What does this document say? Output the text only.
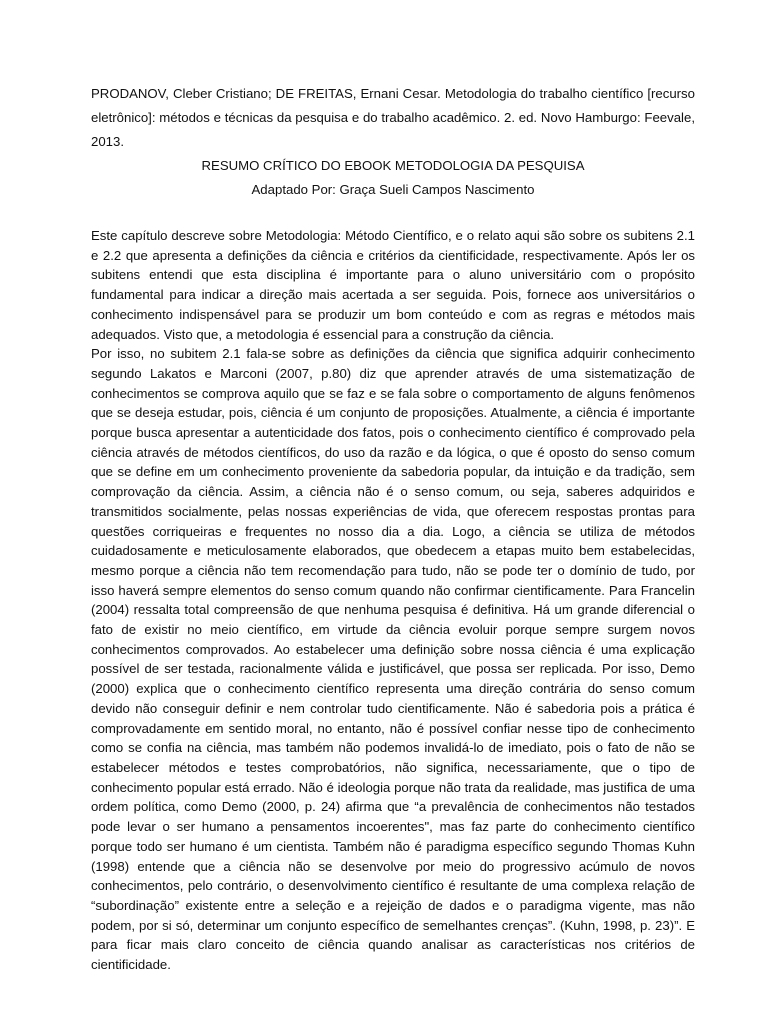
PRODANOV, Cleber Cristiano; DE FREITAS, Ernani Cesar. Metodologia do trabalho científico [recurso eletrônico]: métodos e técnicas da pesquisa e do trabalho acadêmico. 2. ed. Novo Hamburgo: Feevale, 2013.

RESUMO CRÍTICO DO EBOOK METODOLOGIA DA PESQUISA

Adaptado Por: Graça Sueli Campos Nascimento

Este capítulo descreve sobre Metodologia: Método Científico, e o relato aqui são sobre os subitens 2.1 e 2.2 que apresenta a definições da ciência e critérios da cientificidade, respectivamente. Após ler os subitens entendi que esta disciplina é importante para o aluno universitário com o propósito fundamental para indicar a direção mais acertada a ser seguida. Pois, fornece aos universitários o conhecimento indispensável para se produzir um bom conteúdo e com as regras e métodos mais adequados. Visto que, a metodologia é essencial para a construção da ciência.

Por isso, no subitem 2.1 fala-se sobre as definições da ciência que significa adquirir conhecimento segundo Lakatos e Marconi (2007, p.80) diz que aprender através de uma sistematização de conhecimentos se comprova aquilo que se faz e se fala sobre o comportamento de alguns fenômenos que se deseja estudar, pois, ciência é um conjunto de proposições. Atualmente, a ciência é importante porque busca apresentar a autenticidade dos fatos, pois o conhecimento científico é comprovado pela ciência através de métodos científicos, do uso da razão e da lógica, o que é oposto do senso comum que se define em um conhecimento proveniente da sabedoria popular, da intuição e da tradição, sem comprovação da ciência. Assim, a ciência não é o senso comum, ou seja, saberes adquiridos e transmitidos socialmente, pelas nossas experiências de vida, que oferecem respostas prontas para questões corriqueiras e frequentes no nosso dia a dia. Logo, a ciência se utiliza de métodos cuidadosamente e meticulosamente elaborados, que obedecem a etapas muito bem estabelecidas, mesmo porque a ciência não tem recomendação para tudo, não se pode ter o domínio de tudo, por isso haverá sempre elementos do senso comum quando não confirmar cientificamente. Para Francelin (2004) ressalta total compreensão de que nenhuma pesquisa é definitiva. Há um grande diferencial o fato de existir no meio científico, em virtude da ciência evoluir porque sempre surgem novos conhecimentos comprovados. Ao estabelecer uma definição sobre nossa ciência é uma explicação possível de ser testada, racionalmente válida e justificável, que possa ser replicada. Por isso, Demo (2000) explica que o conhecimento científico representa uma direção contrária do senso comum devido não conseguir definir e nem controlar tudo cientificamente. Não é sabedoria pois a prática é comprovadamente em sentido moral, no entanto, não é possível confiar nesse tipo de conhecimento como se confia na ciência, mas também não podemos invalidá-lo de imediato, pois o fato de não se estabelecer métodos e testes comprobatórios, não significa, necessariamente, que o tipo de conhecimento popular está errado. Não é ideologia porque não trata da realidade, mas justifica de uma ordem política, como Demo (2000, p. 24) afirma que “a prevalência de conhecimentos não testados pode levar o ser humano a pensamentos incoerentes", mas faz parte do conhecimento científico porque todo ser humano é um cientista. Também não é paradigma específico segundo Thomas Kuhn (1998) entende que a ciência não se desenvolve por meio do progressivo acúmulo de novos conhecimentos, pelo contrário, o desenvolvimento científico é resultante de uma complexa relação de “subordinação” existente entre a seleção e a rejeição de dados e o paradigma vigente, mas não podem, por si só, determinar um conjunto específico de semelhantes crenças”. (Kuhn, 1998, p. 23)”. E para ficar mais claro conceito de ciência quando analisar as características nos critérios de cientificidade.
